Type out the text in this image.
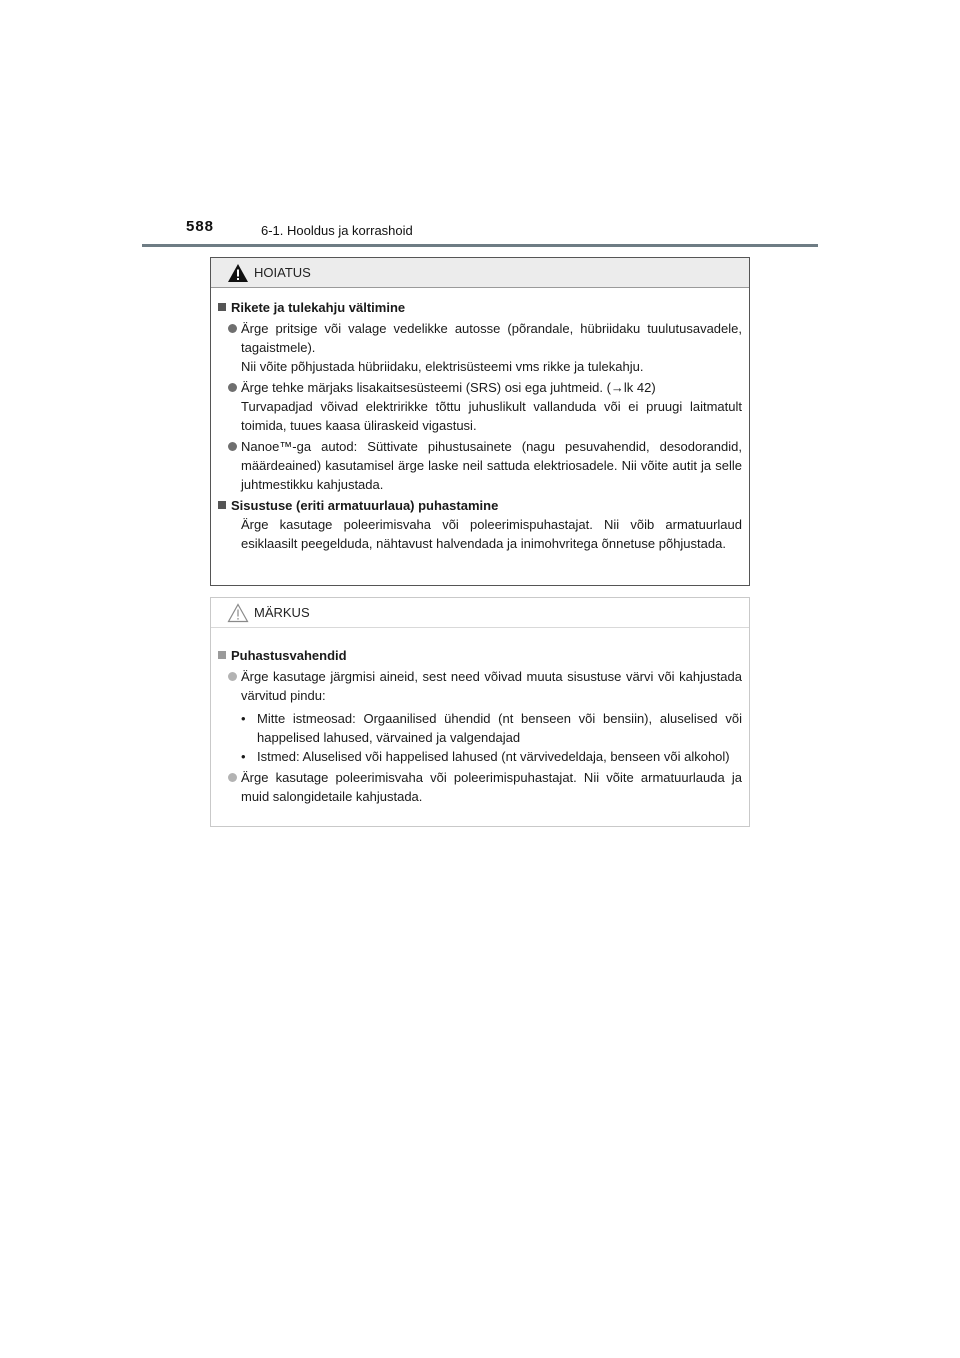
588	6-1. Hooldus ja korrashoid
HOIATUS
Rikete ja tulekahju vältimine
Ärge pritsige või valage vedelikke autosse (põrandale, hübriidaku tuulutusavadele, tagaistmele).
Nii võite põhjustada hübriidaku, elektrisüsteemi vms rikke ja tulekahju.
Ärge tehke märjaks lisakaitsesüsteemi (SRS) osi ega juhtmeid. (→lk 42)
Turvapadjad võivad elektririkke tõttu juhuslikult vallanduda või ei pruugi laitmatult toimida, tuues kaasa üliraskeid vigastusi.
Nanoe™-ga autod: Süttivate pihustusainete (nagu pesuvahendid, desodorandid, määrdeained) kasutamisel ärge laske neil sattuda elektriosadele. Nii võite autit ja selle juhtmestikku kahjustada.
Sisustuse (eriti armatuurlaua) puhastamine
Ärge kasutage poleerimisvaha või poleerimispuhastajat. Nii võib armatuurlaud esiklaasilt peegelduda, nähtavust halvendada ja inimohvritega õnnetuse põhjustada.
MÄRKUS
Puhastusvahendid
Ärge kasutage järgmisi aineid, sest need võivad muuta sisustuse värvi või kahjustada värvitud pindu:
• Mitte istmeosad: Orgaanilised ühendid (nt benseen või bensiin), aluselised või happelised lahused, värvained ja valgendajad
• Istmed: Aluselised või happelised lahused (nt värvivedeldaja, benseen või alkohol)
Ärge kasutage poleerimisvaha või poleerimispuhastajat. Nii võite armatuurlauda ja muid salongidetaile kahjustada.
